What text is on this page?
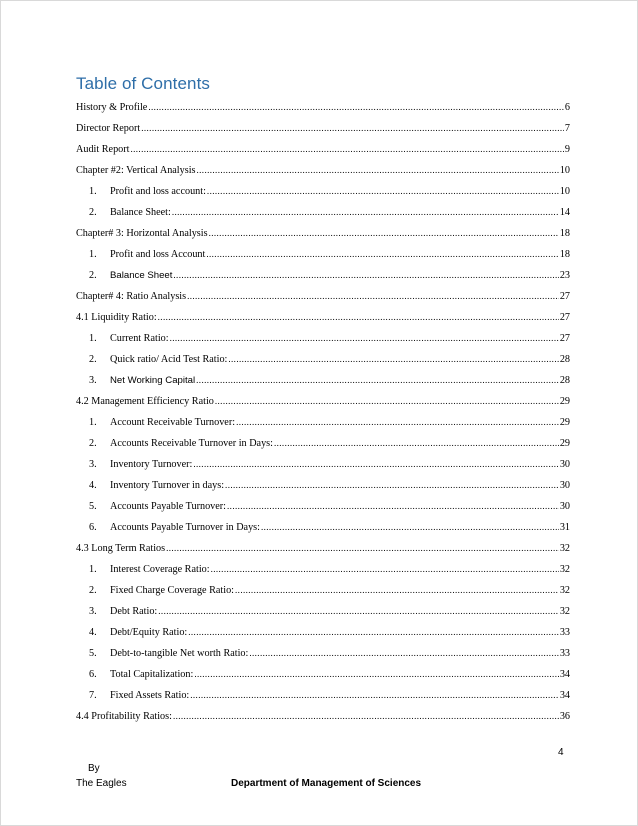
Table of Contents
History & Profile .....	6
Director Report .....	7
Audit Report .....	9
Chapter #2: Vertical Analysis .....	10
1.	Profit and loss account: .....	10
2.	Balance Sheet: .....	14
Chapter# 3: Horizontal Analysis .....	18
1.	Profit and loss Account .....	18
2.	Balance Sheet .....	23
Chapter# 4: Ratio Analysis .....	27
4.1 Liquidity Ratio: .....	27
1.	Current Ratio: .....	27
2.	Quick ratio/ Acid Test Ratio: .....	28
3.	Net Working Capital .....	28
4.2 Management Efficiency Ratio .....	29
1.	Account Receivable Turnover: .....	29
2.	Accounts Receivable Turnover in Days: .....	29
3.	Inventory Turnover: .....	30
4.	Inventory Turnover in days: .....	30
5.	Accounts Payable Turnover: .....	30
6.	Accounts Payable Turnover in Days: .....	31
4.3 Long Term Ratios .....	32
1.	Interest Coverage Ratio: .....	32
2.	Fixed Charge Coverage Ratio: .....	32
3.	Debt Ratio: .....	32
4.	Debt/Equity Ratio: .....	33
5.	Debt-to-tangible Net worth Ratio: .....	33
6.	Total Capitalization: .....	34
7.	Fixed Assets Ratio: .....	34
4.4 Profitability Ratios: .....	36
4
By
The Eagles	Department of Management of Sciences
